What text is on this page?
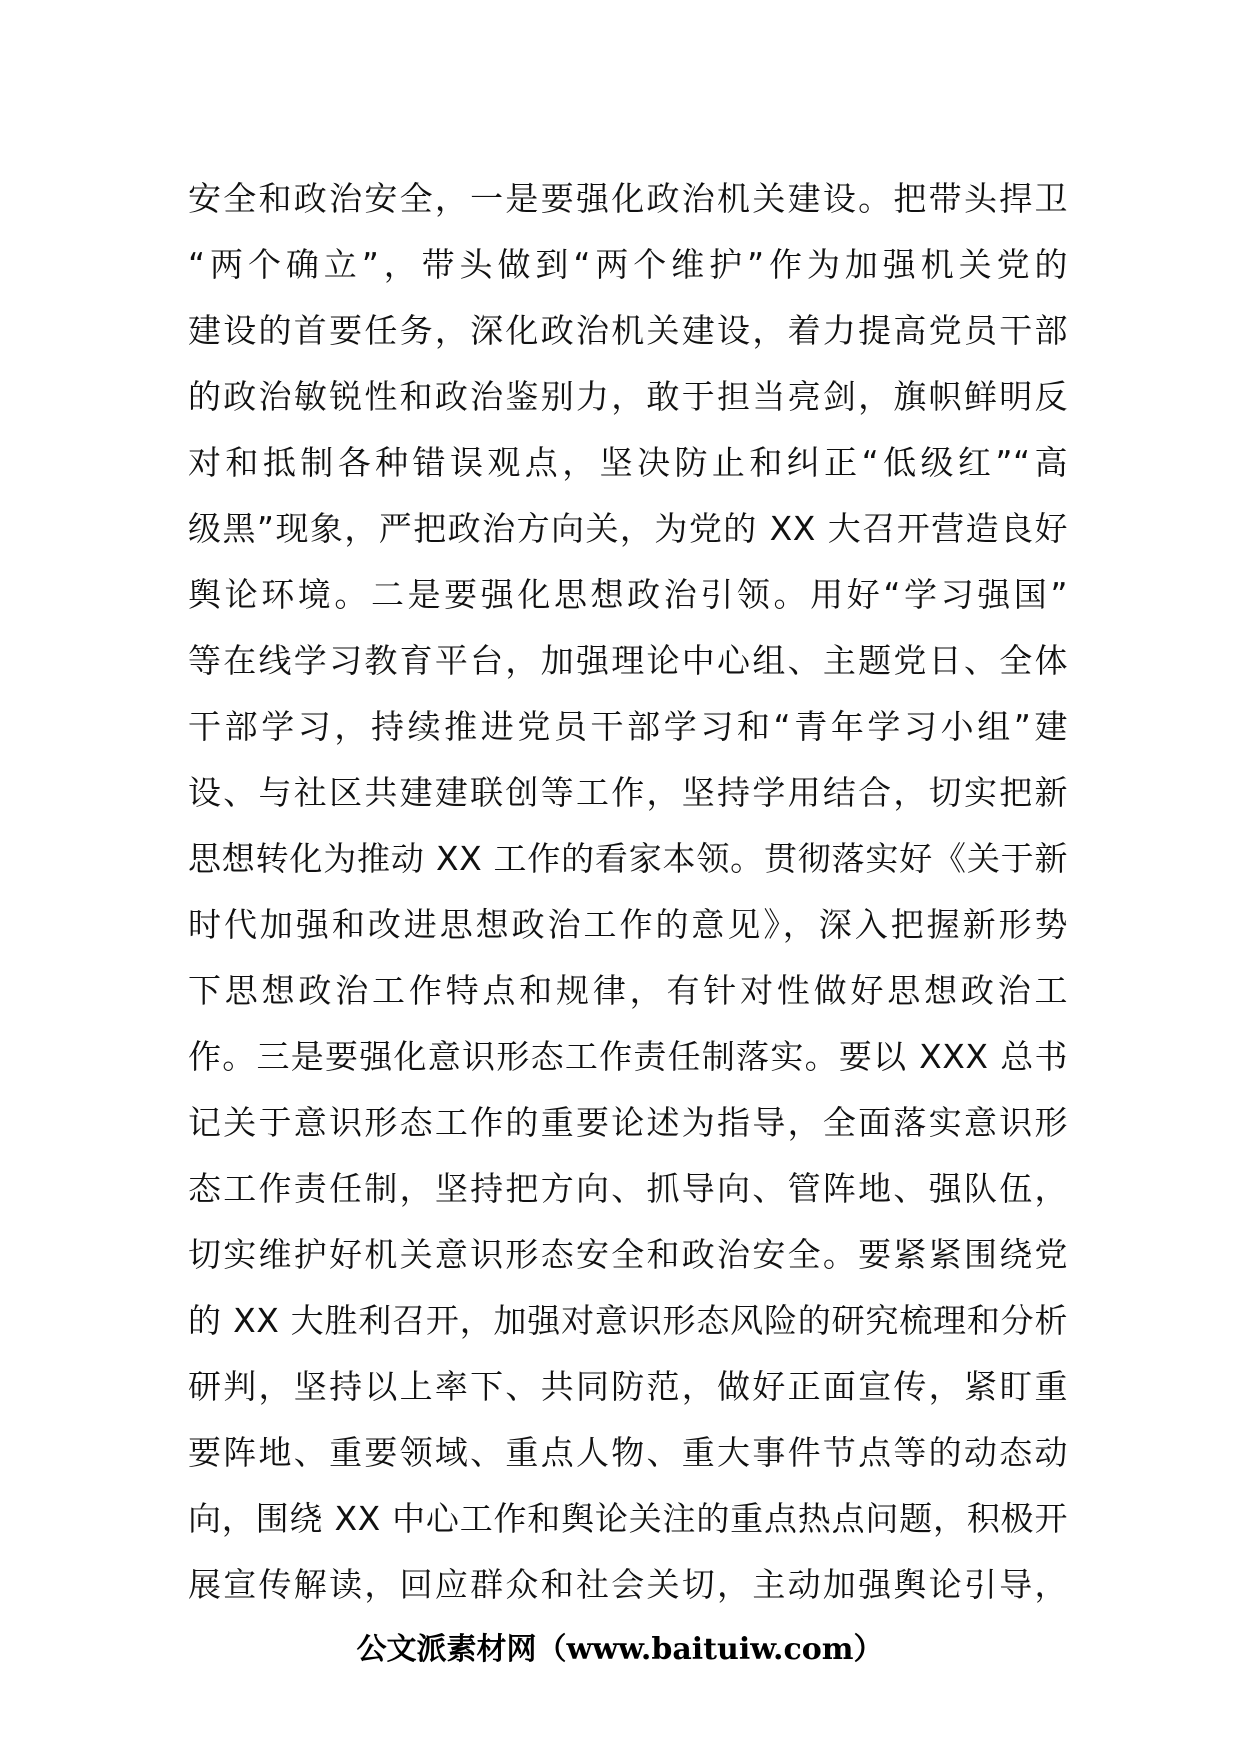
安全和政治安全，一是要强化政治机关建设。把带头捍卫
“两个确立”，带头做到“两个维护”作为加强机关党的
建设的首要任务，深化政治机关建设，着力提高党员干部
的政治敏锐性和政治鉴别力，敢于担当亮剑，旗帜鲜明反
对和抵制各种错误观点，坚决防止和纠正“低级红”“高
级黑”现象，严把政治方向关，为党的 XX 大召开营造良好
舆论环境。二是要强化思想政治引领。用好“学习强国”
等在线学习教育平台，加强理论中心组、主题党日、全体
干部学习，持续推进党员干部学习和“青年学习小组”建
设、与社区共建建联创等工作，坚持学用结合，切实把新
思想转化为推动 XX 工作的看家本领。贯彻落实好《关于新
时代加强和改进思想政治工作的意见》，深入把握新形势
下思想政治工作特点和规律，有针对性做好思想政治工
作。三是要强化意识形态工作责任制落实。要以 XXX 总书
记关于意识形态工作的重要论述为指导，全面落实意识形
态工作责任制，坚持把方向、抓导向、管阵地、强队伍，
切实维护好机关意识形态安全和政治安全。要紧紧围绕党
的 XX 大胜利召开，加强对意识形态风险的研究梳理和分析
研判，坚持以上率下、共同防范，做好正面宣传，紧盯重
要阵地、重要领域、重点人物、重大事件节点等的动态动
向，围绕 XX 中心工作和舆论关注的重点热点问题，积极开
展宣传解读，回应群众和社会关切，主动加强舆论引导，
公文派素材网（www.baituiw.com）
